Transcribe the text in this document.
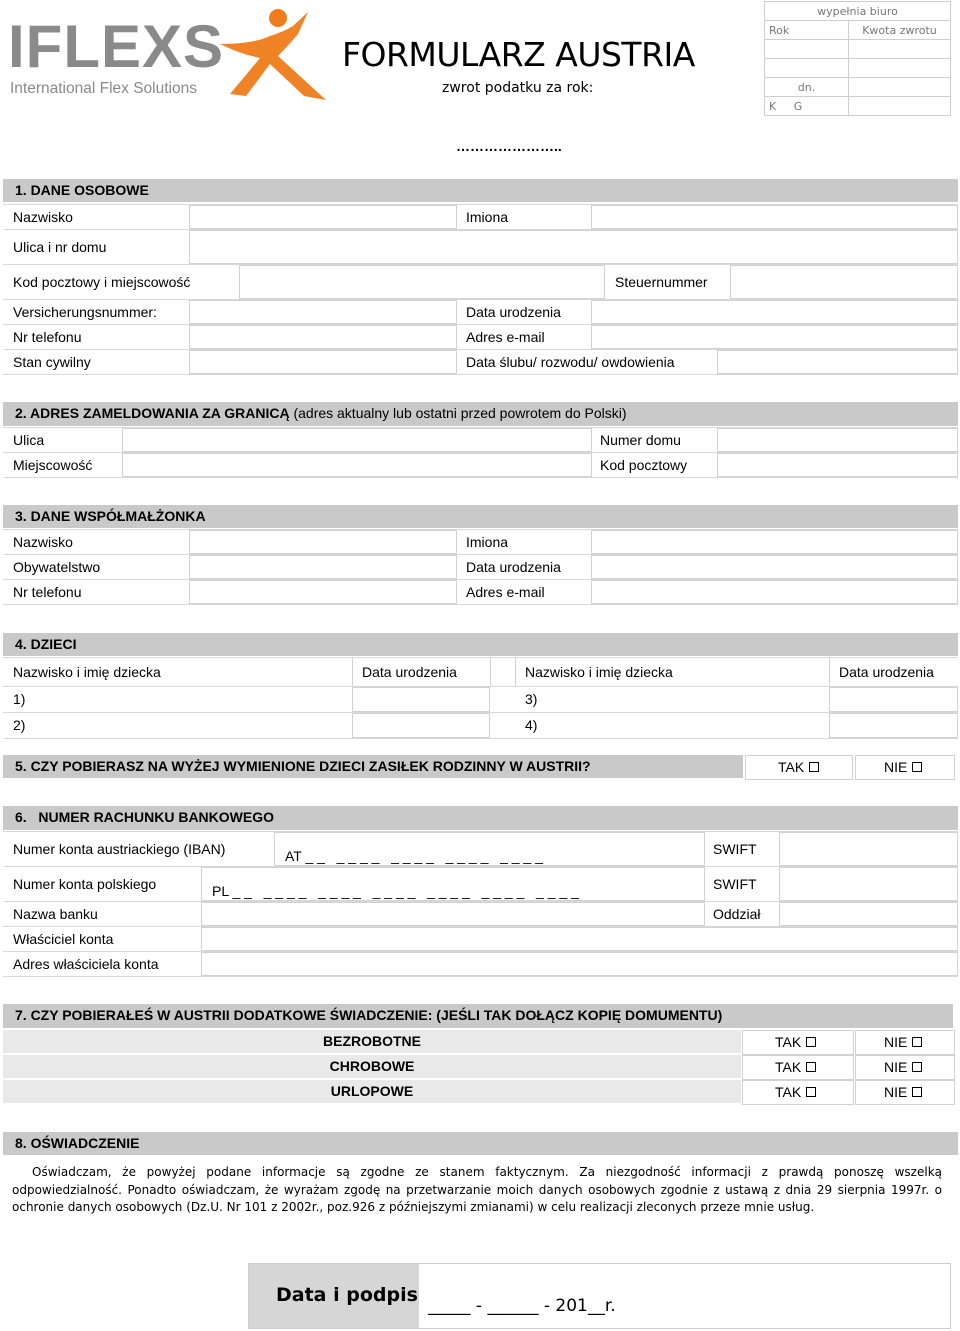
IFLEXS
International Flex Solutions
FORMULARZ AUSTRIA
zwrot podatku za rok:
…………………..
wypełnia biuro	
Rok	Kwota zwrotu

dn.	
K G	
1. DANE OSOBOWE
Nazwisko	Imiona
Ulica i nr domu
Kod pocztowy i miejscowość	Steuernummer
Versicherungsnummer:	Data urodzenia
Nr telefonu	Adres e-mail
Stan cywilny	Data ślubu/ rozwodu/ owdowienia
2. ADRES ZAMELDOWANIA ZA GRANICĄ (adres aktualny lub ostatni przed powrotem do Polski)
Ulica	Numer domu
Miejscowość	Kod pocztowy
3. DANE WSPÓŁMAŁŻONKA
Nazwisko	Imiona
Obywatelstwo	Data urodzenia
Nr telefonu	Adres e-mail
4. DZIECI
Nazwisko i imię dziecka	Data urodzenia	Nazwisko i imię dziecka	Data urodzenia
1)	3)
2)	4)
5. CZY POBIERASZ NA WYŻEJ WYMIENIONE DZIECI ZASIŁEK RODZINNY W AUSTRII?	TAK	NIE
6.   NUMER RACHUNKU BANKOWEGO
Numer konta austriackiego (IBAN)	AT _ _   _ _ _ _   _ _ _ _   _ _ _ _   _ _ _ _	SWIFT
Numer konta polskiego	PL _ _   _ _ _ _   _ _ _ _   _ _ _ _   _ _ _ _   _ _ _ _   _ _ _ _	SWIFT
Nazwa banku	Oddział
Właściciel konta
Adres właściciela konta
7. CZY POBIERAŁEŚ W AUSTRII DODATKOWE ŚWIADCZENIE: (JEŚLI TAK DOŁĄCZ KOPIĘ DOMUMENTU)
BEZROBOTNE	TAK	NIE
CHROBOWE	TAK	NIE
URLOPOWE	TAK	NIE
8. OŚWIADCZENIE
Oświadczam, że powyżej podane informacje są zgodne ze stanem faktycznym. Za niezgodność informacji z prawdą ponoszę wszelką odpowiedzialność. Ponadto oświadczam, że wyrażam zgodę na przetwarzanie moich danych osobowych zgodnie z ustawą z dnia 29 sierpnia 1997r. o ochronie danych osobowych (Dz.U. Nr 101 z 2002r., poz.926 z późniejszymi zmianami) w celu realizacji zleconych przeze mnie usług.
Data i podpis _____ - ______ - 201__r.
